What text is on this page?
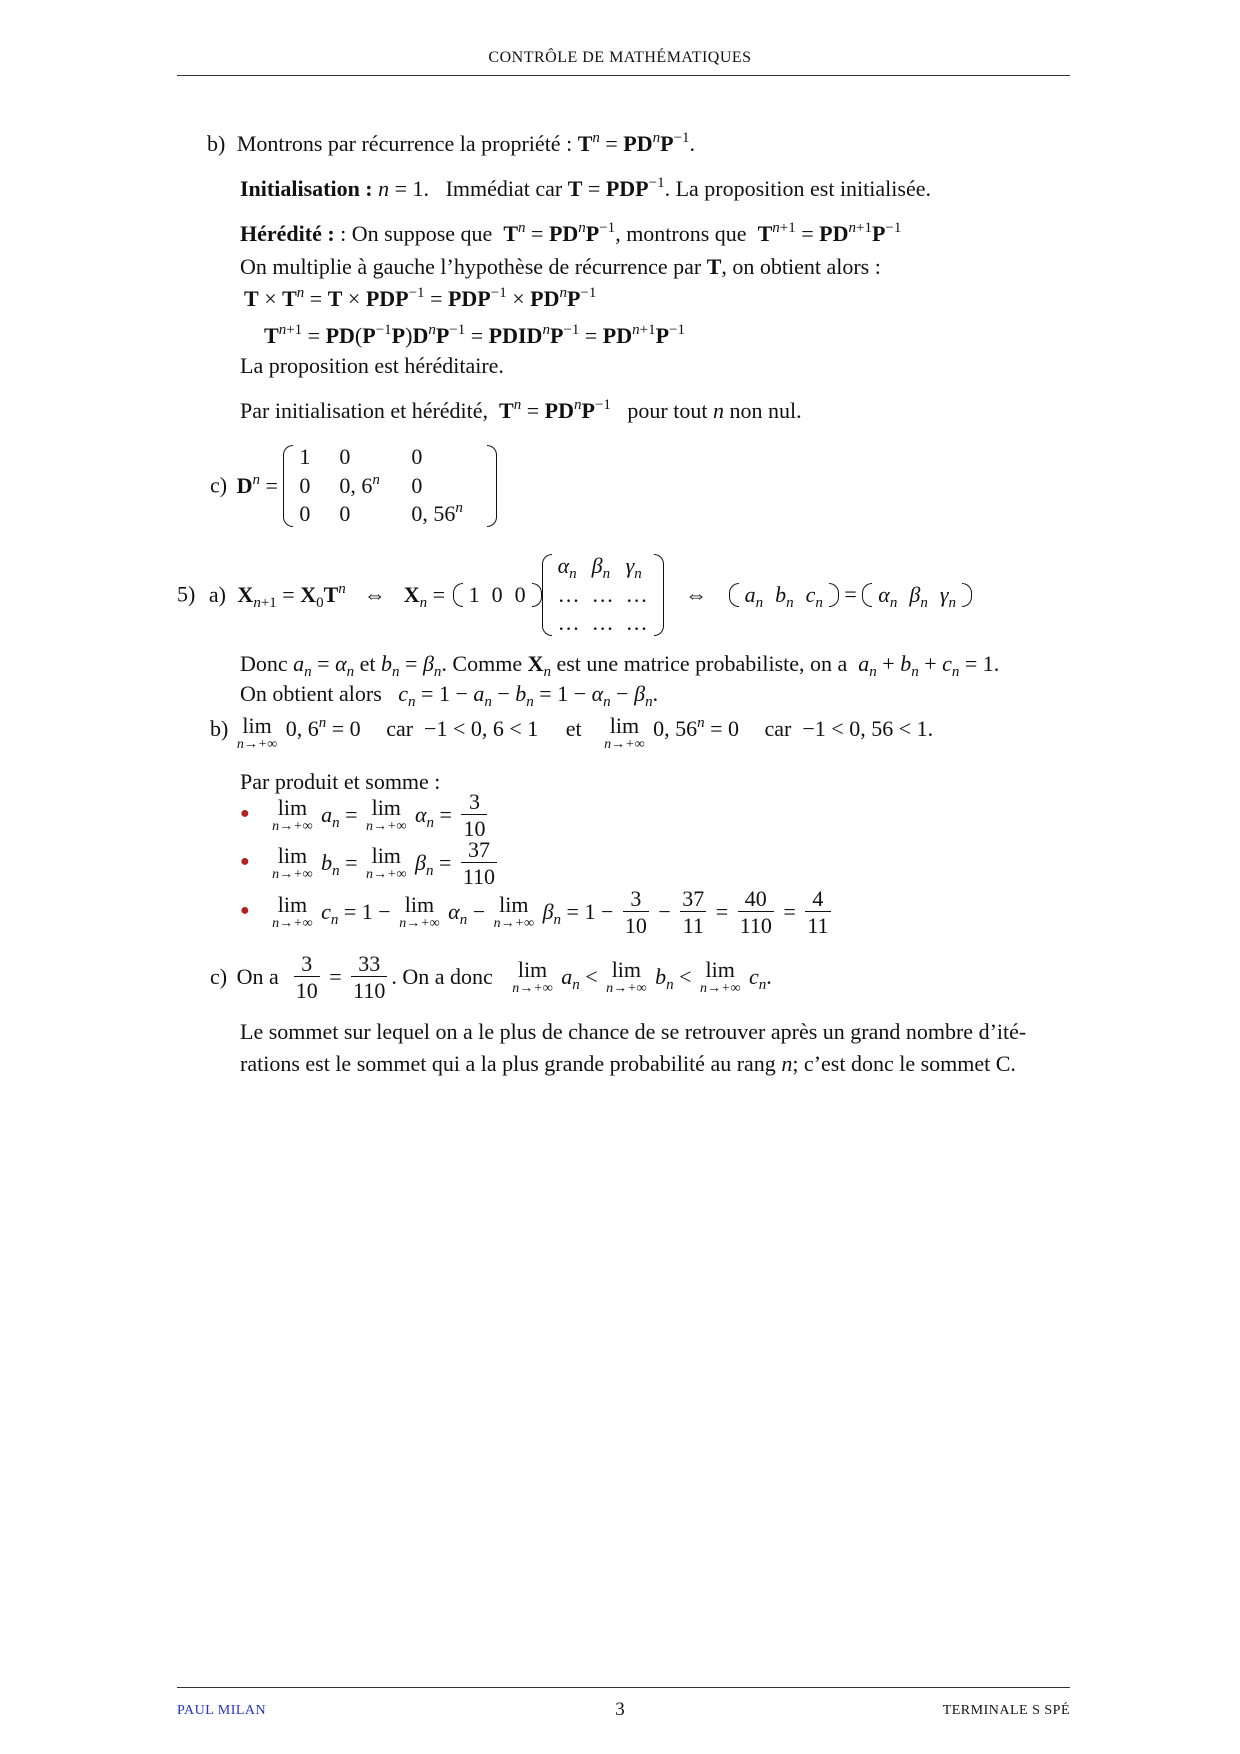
CONTRÔLE DE MATHÉMATIQUES
b) Montrons par récurrence la propriété : $T^n = PD^nP^{-1}$.
Initialisation : n = 1.   Immédiat car $T = PDP^{-1}$. La proposition est initialisée.
Hérédité : : On suppose que $T^n = PD^nP^{-1}$, montrons que $T^{n+1} = PD^{n+1}P^{-1}$
On multiplie à gauche l’hypothèse de récurrence par T, on obtient alors :
$T \times T^n = T \times PDP^{-1} = PDP^{-1} \times PD^nP^{-1}$
$T^{n+1} = PD(P^{-1}P)D^nP^{-1}$ = $PDID^nP^{-1} = PD^{n+1}P^{-1}$
La proposition est héréditaire.
Par initialisation et hérédité, $T^n = PD^nP^{-1}$ pour tout n non nul.
c) $D^n$ =
1	0	0
0	0, 6$^n$	0
0	0	0, 56$^n$
5) a) $X_{n+1} = X_0T^n$ ⇔ $X_n = 1$	0	0
$\alpha_n$	$\beta_n$	$\gamma_n$
…	…	…
…	…	…
⇔ $a_n$	$b_n$	$c_n = \alpha_n$	$\beta_n$	$\gamma_n$
Donc $a_n = \alpha_n$ et $b_n = \beta_n$. Comme $X_n$ est une matrice probabiliste, on a $a_n + b_n + c_n = 1$.
On obtient alors $c_n = 1 - a_n - b_n = 1 - \alpha_n - \beta_n$.
b) lim
n→+∞
0, $6^n = 0$ car  −1 < 0, 6 < 1 et lim
n→+∞
0, $56^n = 0$ car  −1 < 0, 56 < 1.
Par produit et somme :
● lim
n→+∞ $a_n = \lim$
n→+∞ $\alpha_n = \frac{3}{10}$
● lim
n→+∞ $b_n = \lim$
n→+∞ $\beta_n = \frac{37}{110}$
● lim
n→+∞ $c_n = 1 - \lim$
n→+∞ $\alpha_n - \lim$
n→+∞ $\beta_n = 1 - \frac{3}{10} - \frac{37}{11} = \frac{40}{110} = \frac{4}{11}$
c) On a $\frac{3}{10} = \frac{33}{110}$ . On a donc lim
n→+∞ $a_n < \lim$
n→+∞ $b_n < \lim$
n→+∞ $c_n$.
Le sommet sur lequel on a le plus de chance de se retrouver après un grand nombre d’ité-
rations est le sommet qui a la plus grande probabilité au rang n; c’est donc le sommet C.
PAUL MILAN	3	TERMINALE S SPÉ
